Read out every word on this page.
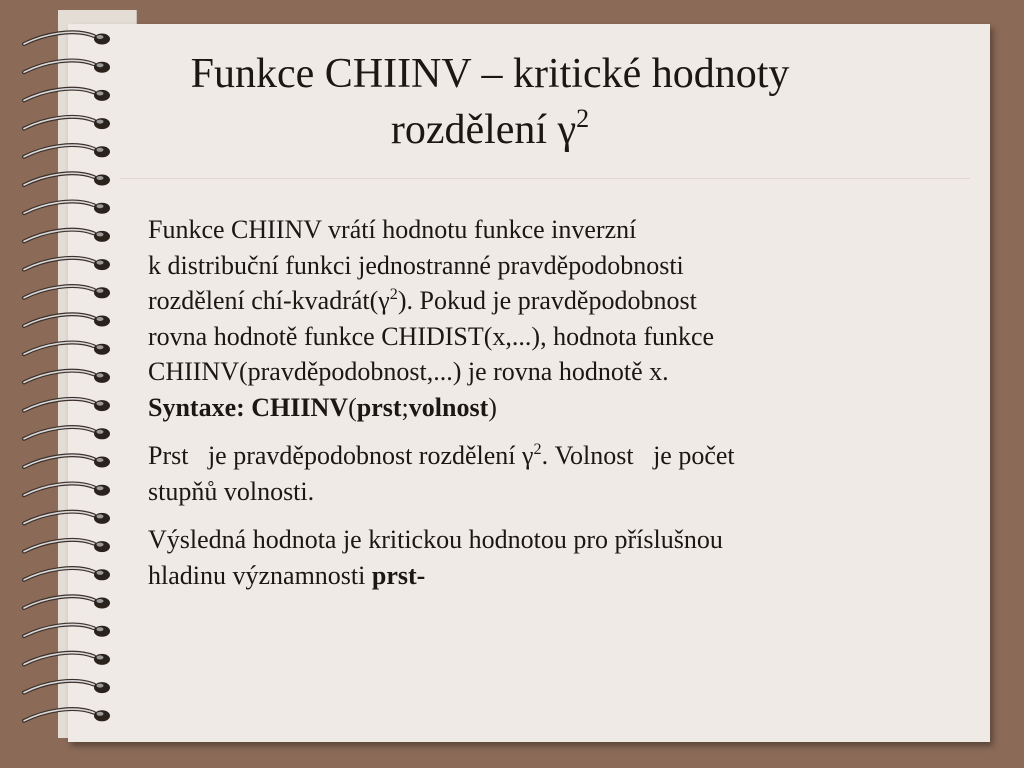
Funkce CHIINV – kritické hodnoty
rozdělení $\gamma^2$

Funkce CHIINV vrátí hodnotu funkce inverzní
k distribuční funkci jednostranné pravděpodobnosti
rozdělení chí-$kvadrát(\gamma^2)$. Pokud je pravděpodobnost
rovna hodnotě funkce CHIDIST(x,...), hodnota funkce
CHIINV(pravděpodobnost,...) je rovna hodnotě x.
Syntaxe: CHIINV(prst;volnost)

Prst   je pravděpodobnost rozdělení $\gamma^2$. Volnost   je počet
stupňů volnosti.

Výsledná hodnota je kritickou hodnotou pro příslušnou
hladinu významnosti prst-
